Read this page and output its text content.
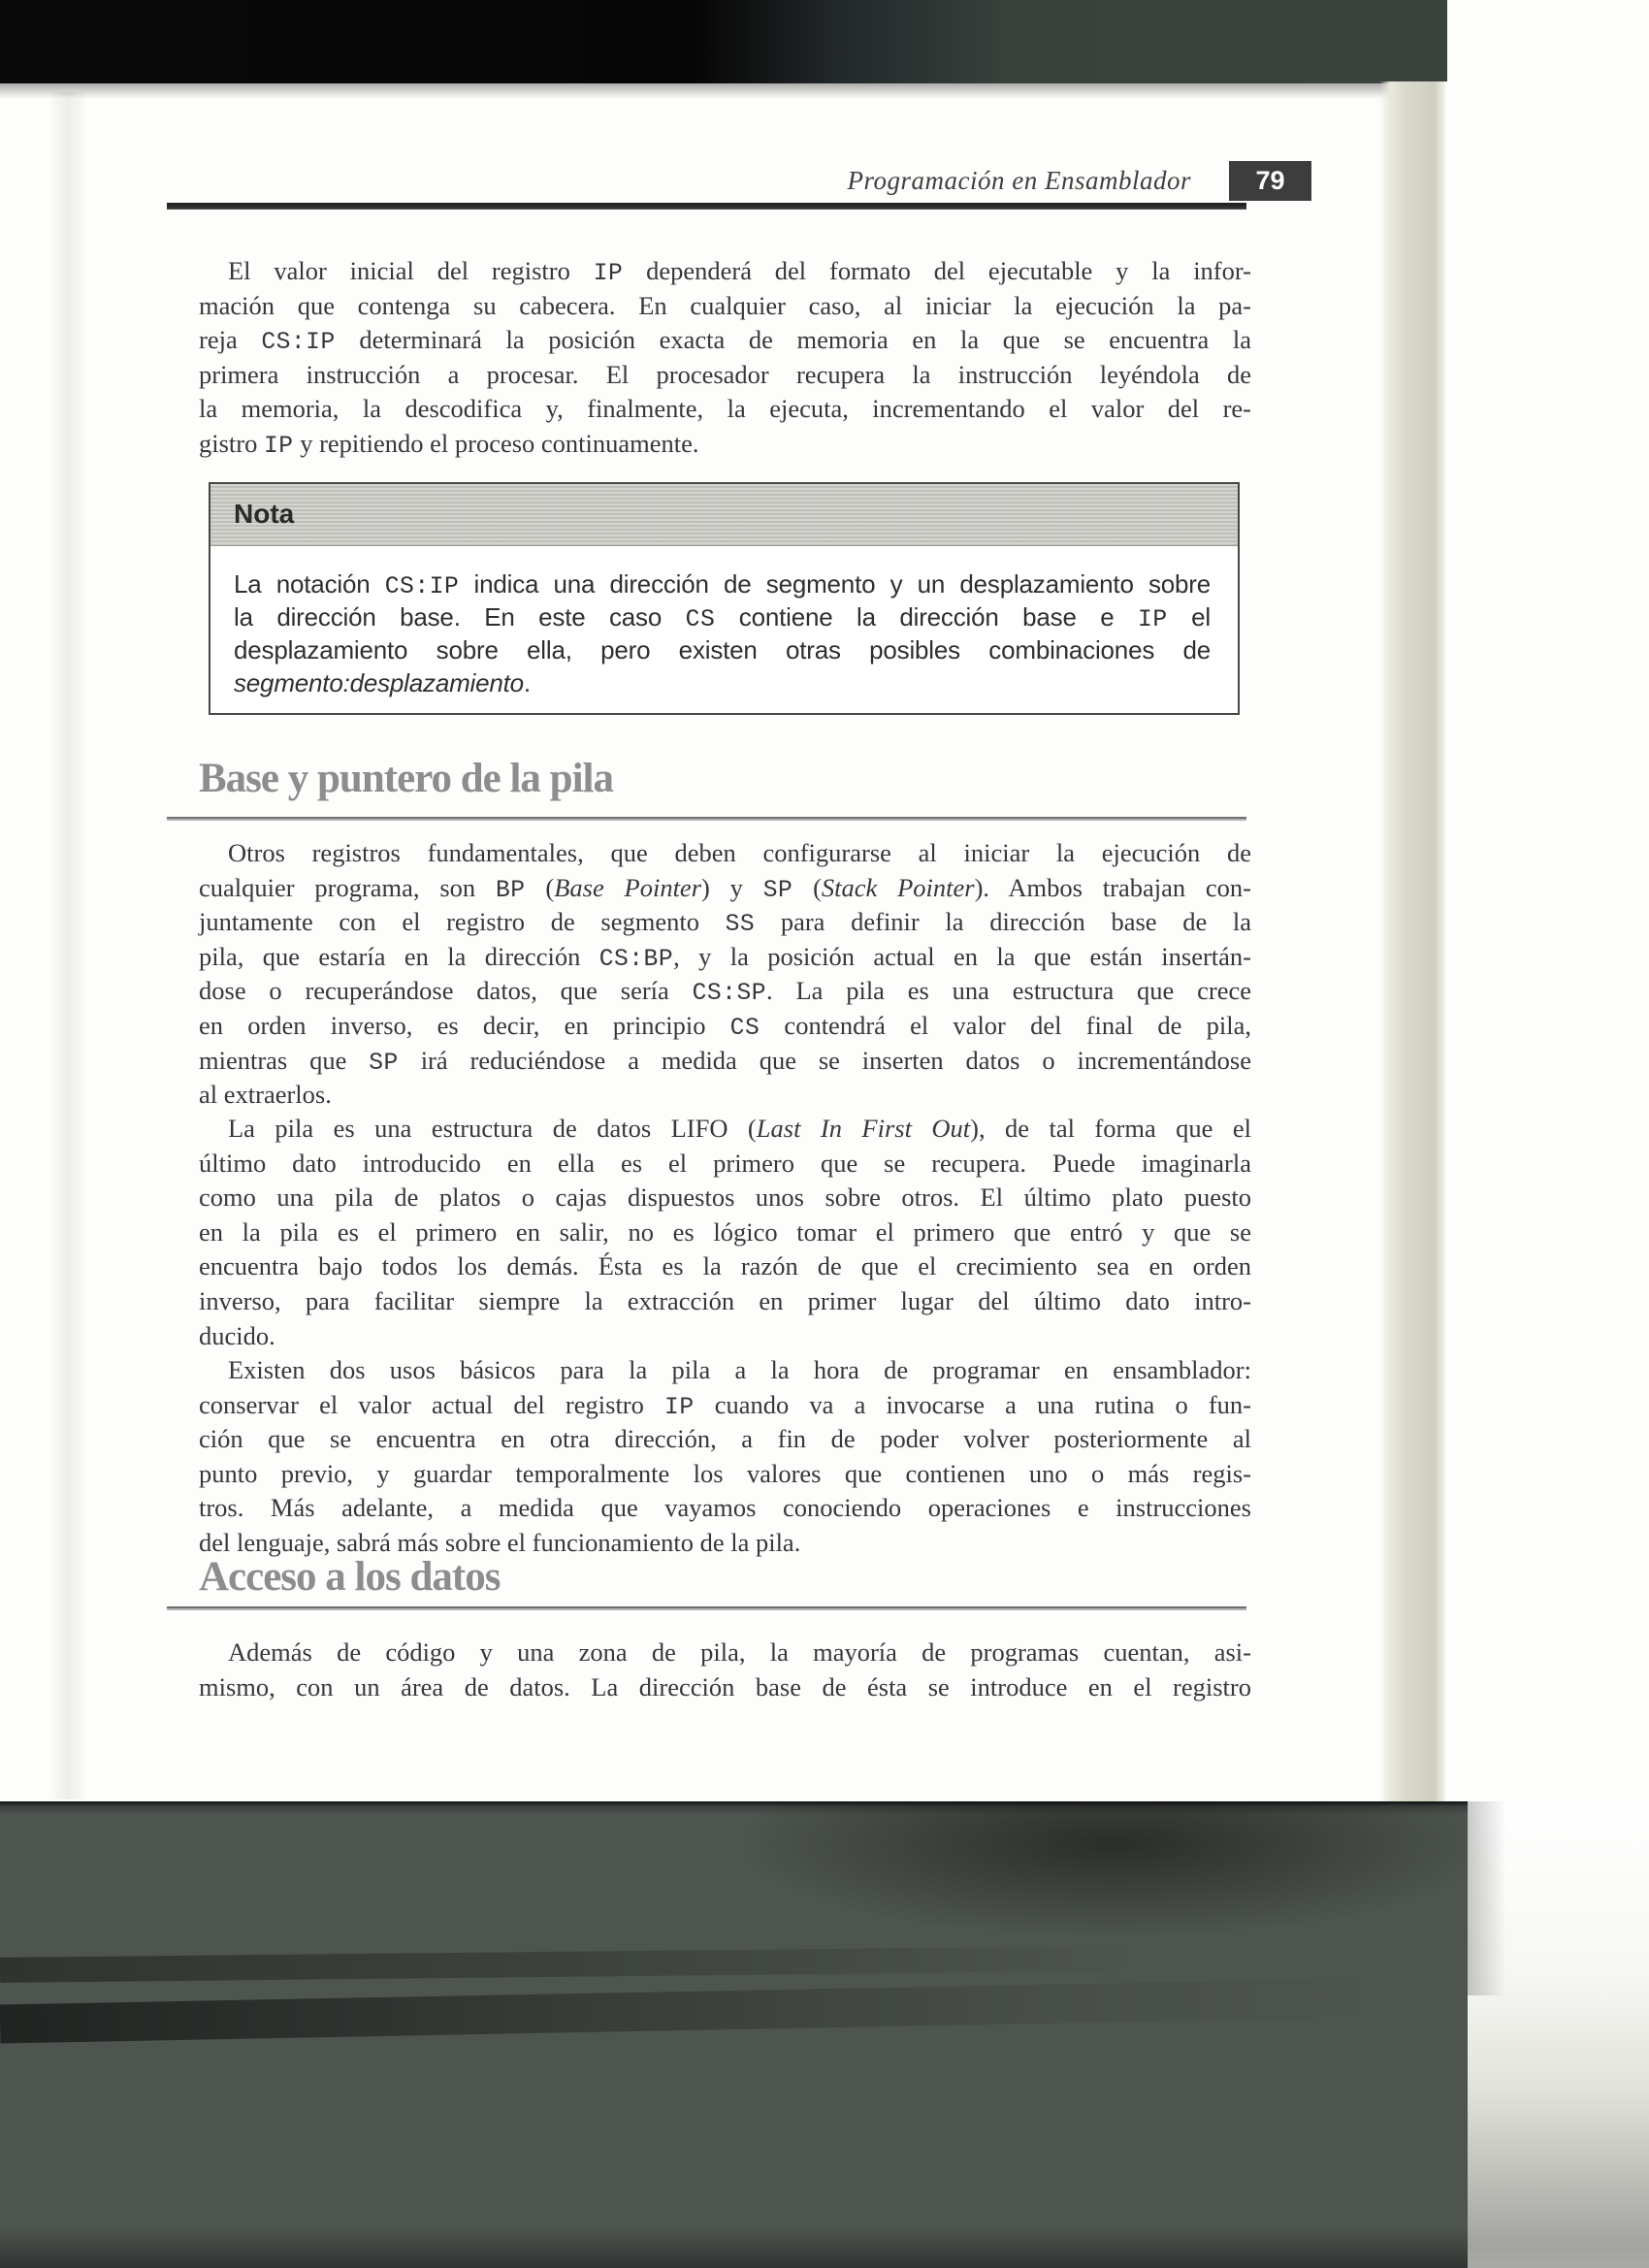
Programación en Ensamblador	79
El valor inicial del registro IP dependerá del formato del ejecutable y la infor-
mación que contenga su cabecera. En cualquier caso, al iniciar la ejecución la pa-
reja CS:IP determinará la posición exacta de memoria en la que se encuentra la
primera instrucción a procesar. El procesador recupera la instrucción leyéndola de
la memoria, la descodifica y, finalmente, la ejecuta, incrementando el valor del re-
gistro IP y repitiendo el proceso continuamente.
Nota
La notación CS:IP indica una dirección de segmento y un desplazamiento sobre
la dirección base. En este caso CS contiene la dirección base e IP el
desplazamiento sobre ella, pero existen otras posibles combinaciones de
segmento:desplazamiento.
Base y puntero de la pila
Otros registros fundamentales, que deben configurarse al iniciar la ejecución de
cualquier programa, son BP (Base Pointer) y SP (Stack Pointer). Ambos trabajan con-
juntamente con el registro de segmento SS para definir la dirección base de la
pila, que estaría en la dirección CS:BP, y la posición actual en la que están insertán-
dose o recuperándose datos, que sería CS:SP. La pila es una estructura que crece
en orden inverso, es decir, en principio CS contendrá el valor del final de pila,
mientras que SP irá reduciéndose a medida que se inserten datos o incrementándose
al extraerlos.
La pila es una estructura de datos LIFO (Last In First Out), de tal forma que el
último dato introducido en ella es el primero que se recupera. Puede imaginarla
como una pila de platos o cajas dispuestos unos sobre otros. El último plato puesto
en la pila es el primero en salir, no es lógico tomar el primero que entró y que se
encuentra bajo todos los demás. Ésta es la razón de que el crecimiento sea en orden
inverso, para facilitar siempre la extracción en primer lugar del último dato intro-
ducido.
Existen dos usos básicos para la pila a la hora de programar en ensamblador:
conservar el valor actual del registro IP cuando va a invocarse a una rutina o fun-
ción que se encuentra en otra dirección, a fin de poder volver posteriormente al
punto previo, y guardar temporalmente los valores que contienen uno o más regis-
tros. Más adelante, a medida que vayamos conociendo operaciones e instrucciones
del lenguaje, sabrá más sobre el funcionamiento de la pila.
Acceso a los datos
Además de código y una zona de pila, la mayoría de programas cuentan, asi-
mismo, con un área de datos. La dirección base de ésta se introduce en el registro
